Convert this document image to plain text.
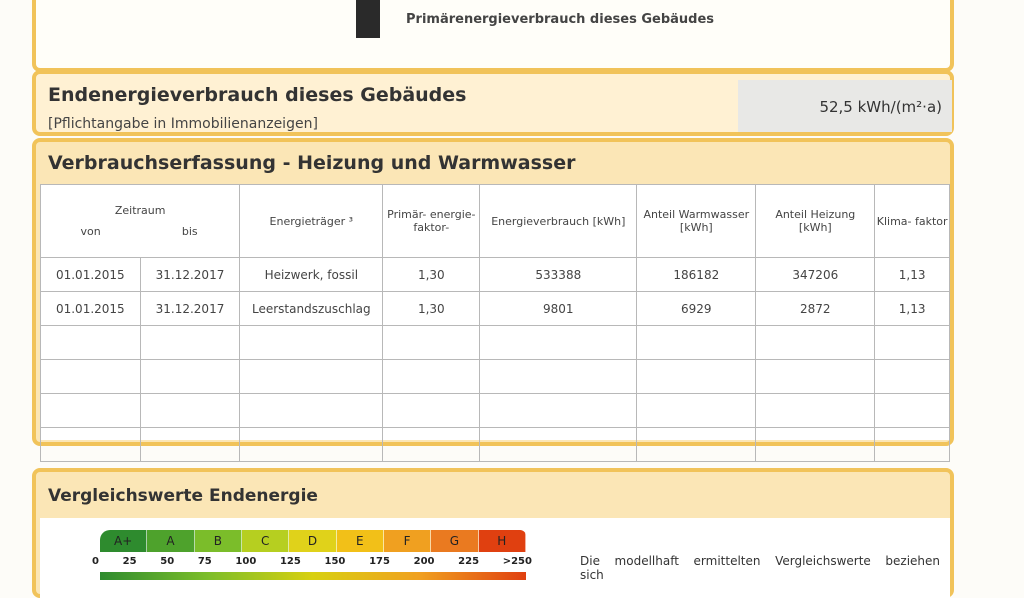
Primärenergieverbrauch dieses Gebäudes
Endenergieverbrauch dieses Gebäudes
[Pflichtangabe in Immobilienanzeigen]
52,5 kWh/(m²·a)
Verbrauchserfassung - Heizung und Warmwasser
Zeitraum
von bis		Energieträger ³	Primär- energie- faktor-	Energieverbrauch [kWh]	Anteil Warmwasser [kWh]	Anteil Heizung [kWh]	Klima- faktor
01.01.2015	31.12.2017	Heizwerk, fossil	1,30	533388	186182	347206	1,13
01.01.2015	31.12.2017	Leerstandszuschlag	1,30	9801	6929	2872	1,13

Vergleichswerte Endenergie
A+	A	B	C	D	E	F	G	H
0 25 50 75 100 125 150 175 200 225 >250	Die modellhaft ermittelten Vergleichswerte beziehen sich
